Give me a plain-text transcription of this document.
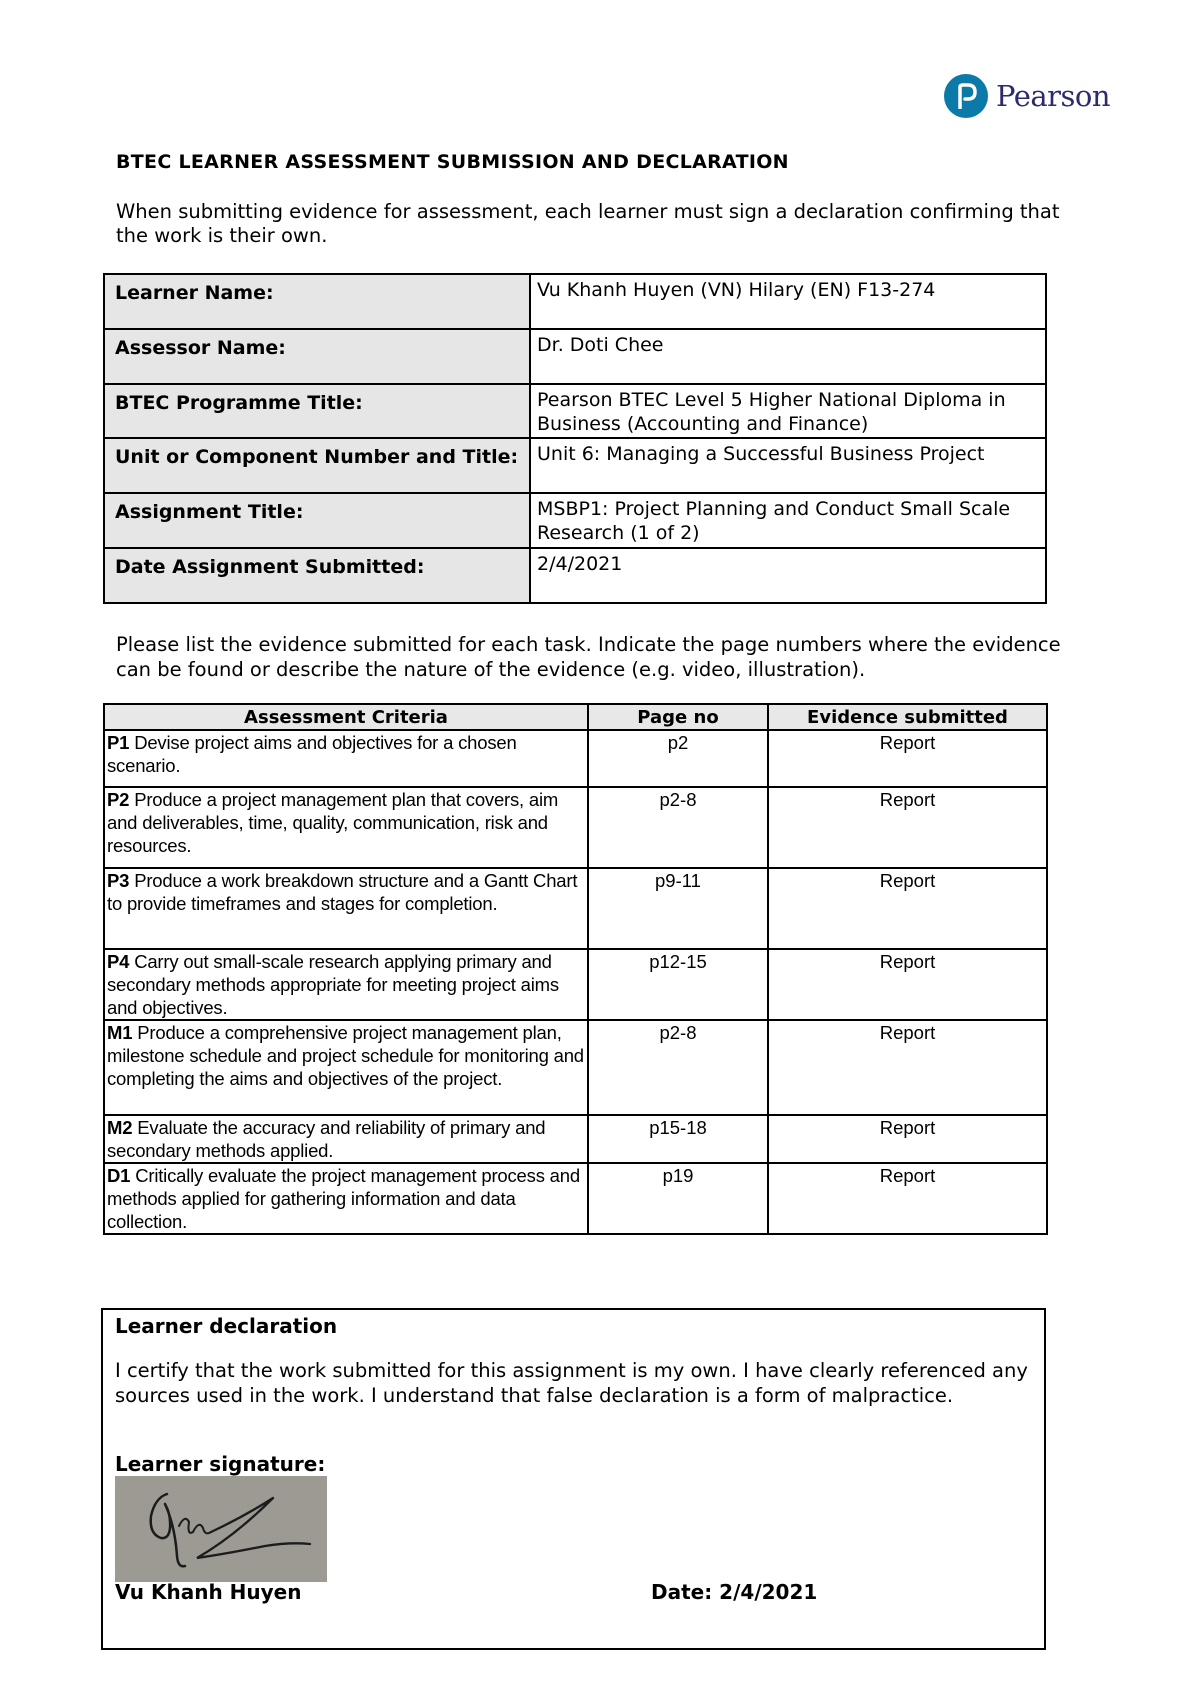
Pearson
BTEC LEARNER ASSESSMENT SUBMISSION AND DECLARATION
When submitting evidence for assessment, each learner must sign a declaration confirming that the work is their own.
Learner Name:	Vu Khanh Huyen (VN) Hilary (EN) F13-274
Assessor Name:	Dr. Doti Chee
BTEC Programme Title:	Pearson BTEC Level 5 Higher National Diploma in Business (Accounting and Finance)
Unit or Component Number and Title:	Unit 6: Managing a Successful Business Project
Assignment Title:	MSBP1: Project Planning and Conduct Small Scale Research (1 of 2)
Date Assignment Submitted:	2/4/2021
Please list the evidence submitted for each task. Indicate the page numbers where the evidence can be found or describe the nature of the evidence (e.g. video, illustration).
Assessment Criteria	Page no	Evidence submitted
P1 Devise project aims and objectives for a chosen scenario.	p2	Report
P2 Produce a project management plan that covers, aim and deliverables, time, quality, communication, risk and resources.	p2-8	Report
P3 Produce a work breakdown structure and a Gantt Chart to provide timeframes and stages for completion.	p9-11	Report
P4 Carry out small-scale research applying primary and secondary methods appropriate for meeting project aims and objectives.	p12-15	Report
M1 Produce a comprehensive project management plan, milestone schedule and project schedule for monitoring and completing the aims and objectives of the project.	p2-8	Report
M2 Evaluate the accuracy and reliability of primary and secondary methods applied.	p15-18	Report
D1 Critically evaluate the project management process and methods applied for gathering information and data collection.	p19	Report
Learner declaration
I certify that the work submitted for this assignment is my own. I have clearly referenced any sources used in the work. I understand that false declaration is a form of malpractice.
Learner signature:
Vu Khanh Huyen	Date: 2/4/2021
